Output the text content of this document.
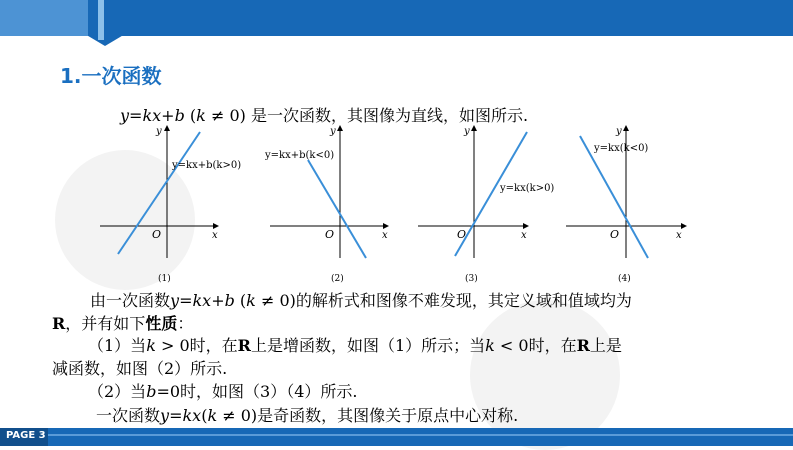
1.一次函数
y=kx+b (k ≠ 0) 是一次函数，其图像为直线，如图所示.
y=kx+b(k>0)
O	x
y
(1)
y=kx+b(k<0)
O	x
y
(2)
y=kx(k>0)
O	x
y
(3)
y=kx(k<0)
O	x
y
(4)
由一次函数y=kx+b (k ≠ 0)的解析式和图像不难发现，其定义域和值域均为
R，并有如下性质：
（1）当k > 0时，在R上是增函数，如图（1）所示；当k < 0时，在R上是
减函数，如图（2）所示.
（2）当b=0时，如图（3）（4）所示.
一次函数y=kx(k ≠ 0)是奇函数，其图像关于原点中心对称.
PAGE 3
